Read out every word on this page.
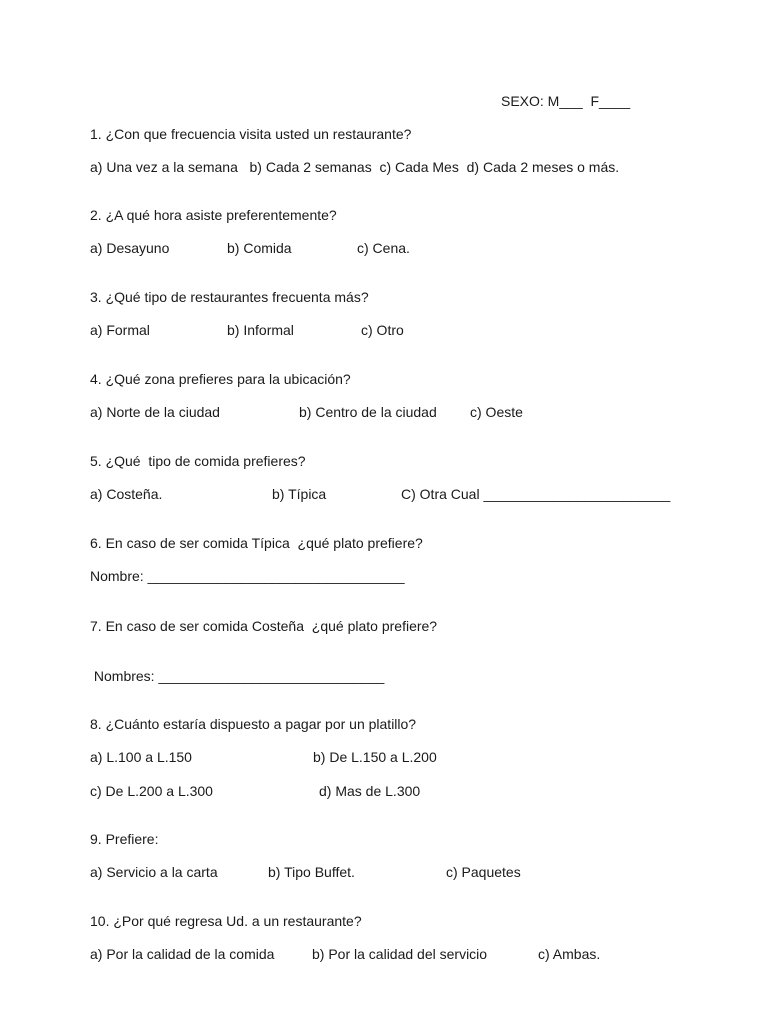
SEXO: M___  F____
1. ¿Con que frecuencia visita usted un restaurante?
a) Una vez a la semana   b) Cada 2 semanas  c) Cada Mes  d) Cada 2 meses o más.
2. ¿A qué hora asiste preferentemente?
a) Desayuno	b) Comida	c) Cena.
3. ¿Qué tipo de restaurantes frecuenta más?
a) Formal	b) Informal	c) Otro
4. ¿Qué zona prefieres para la ubicación?
a) Norte de la ciudad	b) Centro de la ciudad c) Oeste
5. ¿Qué  tipo de comida prefieres?
a) Costeña.	b) Típica	C) Otra Cual ________________________
6. En caso de ser comida Típica  ¿qué plato prefiere?
Nombre: _________________________________
7. En caso de ser comida Costeña  ¿qué plato prefiere?
Nombres: _____________________________
8. ¿Cuánto estaría dispuesto a pagar por un platillo?
a) L.100 a L.150	b) De L.150 a L.200
c) De L.200 a L.300	d) Mas de L.300
9. Prefiere:
a) Servicio a la carta	b) Tipo Buffet.	c) Paquetes
10. ¿Por qué regresa Ud. a un restaurante?
a) Por la calidad de la comida	b) Por la calidad del servicio	c) Ambas.
